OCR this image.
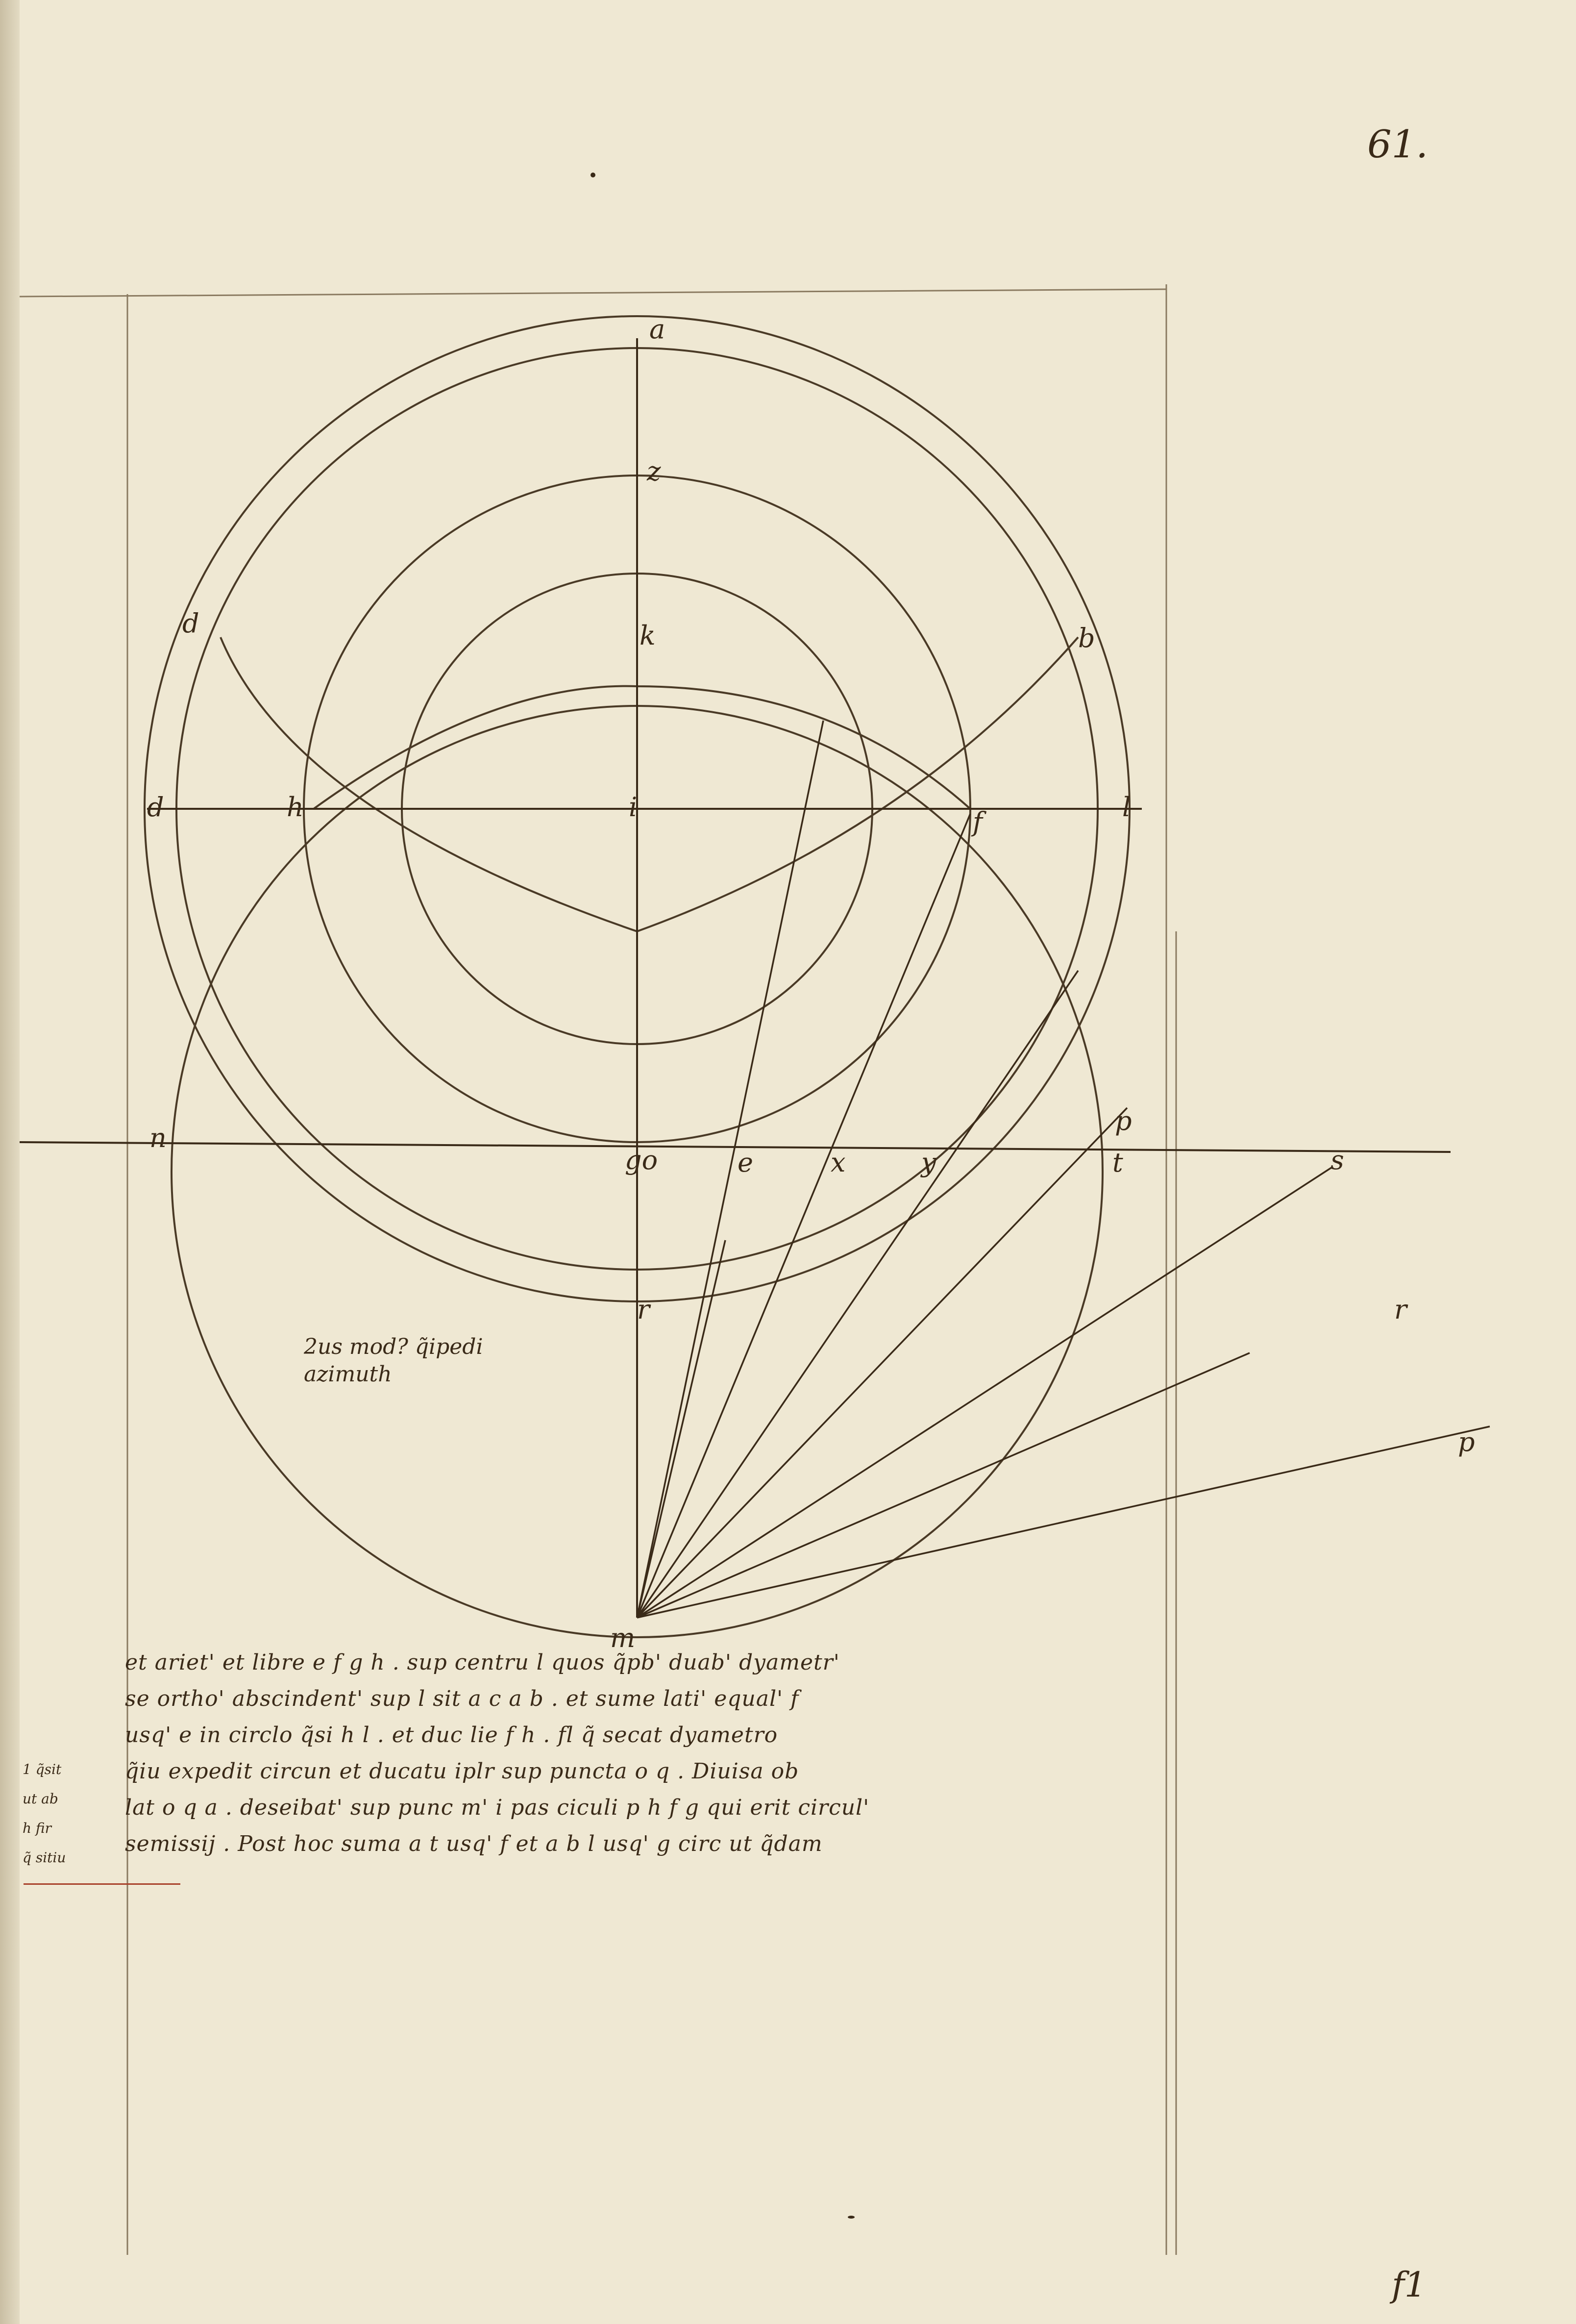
a
z
k
i
d	b
d	h	f	l
n
go	e	x	y	t
p
s
r	r
p
m
61.
f1
2us mod? q̃ipedi
azimuth
et ariet' et libre e f g h . sup centru l quos q̃pb' duab' dyametr'
se ortho' abscindent' sup l sit a c a b . et sume lati' equal' f
usq' e in circlo q̃si h l . et duc lie f h . fl q̃ secat dyametro
q̃iu expedit circun et ducatu iplr sup puncta o q . Diuisa ob
lat o q a . deseibat' sup punc m' i pas ciculi p h f g qui erit circul'
semissij . Post hoc suma a t usq' f et a b l usq' g circ ut q̃dam
1 q̃sit
ut ab
h fir
q̃ sitiu
